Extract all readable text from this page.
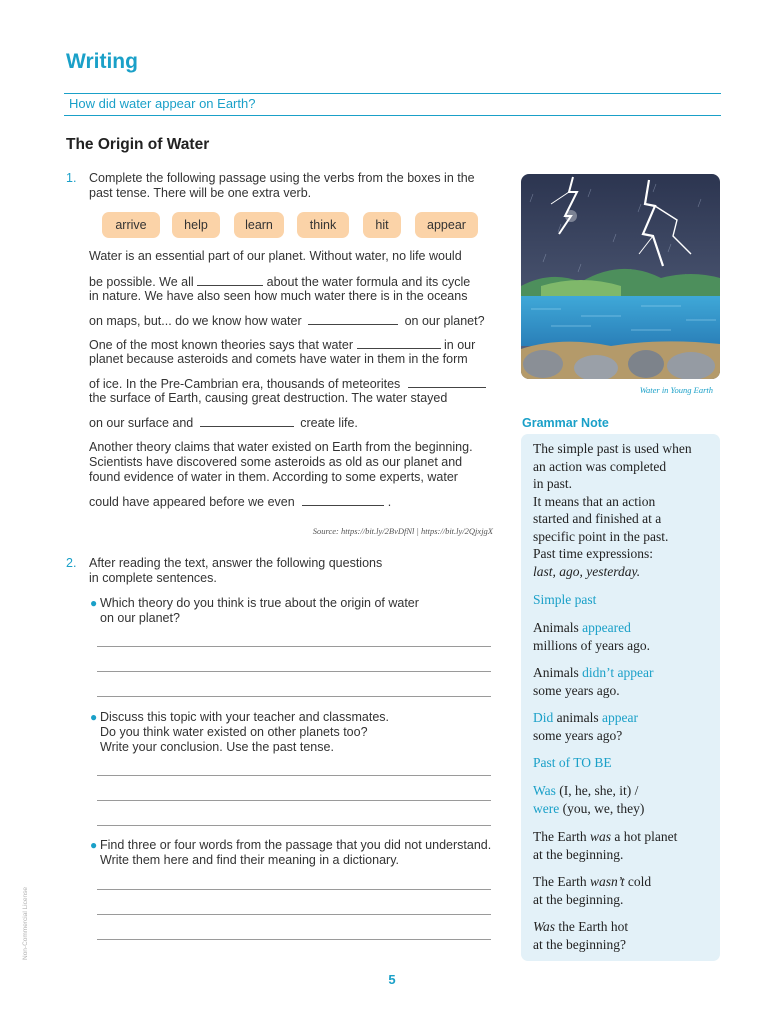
Writing
How did water appear on Earth?
The Origin of Water
1. Complete the following passage using the verbs from the boxes in the
past tense. There will be one extra verb.
arrive	help	learn	think	hit	appear
Water is an essential part of our planet. Without water, no life would
be possible. We all	about the water formula and its cycle
in nature. We have also seen how much water there is in the oceans
on maps, but... do we know how water	on our planet?
One of the most known theories says that water	in our
planet because asteroids and comets have water in them in the form
of ice. In the Pre-Cambrian era, thousands of meteorites
the surface of Earth, causing great destruction. The water stayed
on our surface and	create life.
Another theory claims that water existed on Earth from the beginning.
Scientists have discovered some asteroids as old as our planet and
found evidence of water in them. According to some experts, water
could have appeared before we even	.
Source: https://bit.ly/2BvDfNl | https://bit.ly/2QjxjgX
2. After reading the text, answer the following questions
in complete sentences.
● Which theory do you think is true about the origin of water
on our planet?
● Discuss this topic with your teacher and classmates.
Do you think water existed on other planets too?
Write your conclusion. Use the past tense.
● Find three or four words from the passage that you did not understand.
Write them here and find their meaning in a dictionary.
Water in Young Earth
Grammar Note
The simple past is used when
an action was completed
in past.
It means that an action
started and finished at a
specific point in the past.
Past time expressions:
last, ago, yesterday.
Simple past
Animals appeared
millions of years ago.
Animals didn’t appear
some years ago.
Did animals appear
some years ago?
Past of TO BE
Was (I, he, she, it) /
were (you, we, they)
The Earth was a hot planet
at the beginning.
The Earth wasn’t cold
at the beginning.
Was the Earth hot
at the beginning?
5
Non-Commercial License
